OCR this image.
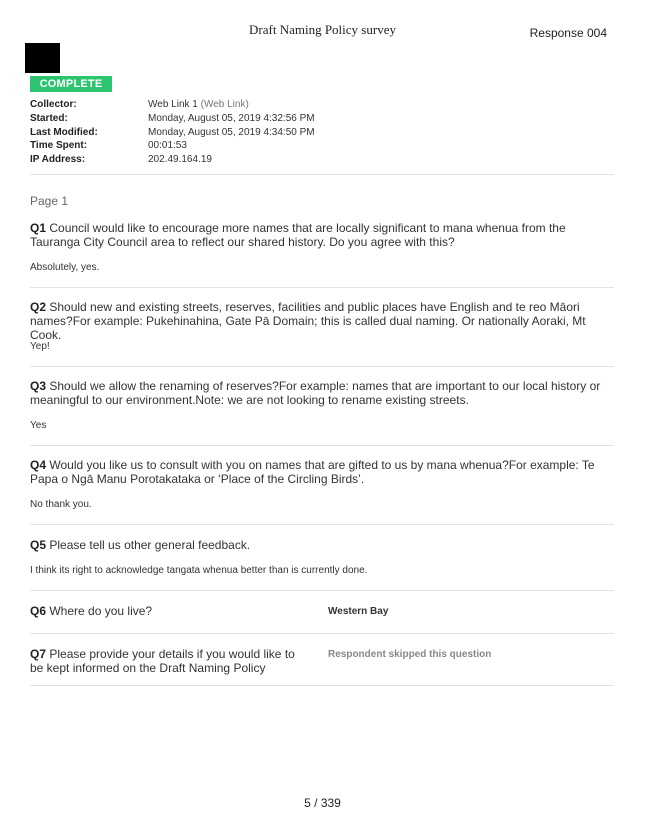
Draft Naming Policy survey	Response 004
COMPLETE
Collector:	Web Link 1 (Web Link)
Started:	Monday, August 05, 2019 4:32:56 PM
Last Modified:	Monday, August 05, 2019 4:34:50 PM
Time Spent:	00:01:53
IP Address:	202.49.164.19
Page 1
Q1 Council would like to encourage more names that are locally significant to mana whenua from the Tauranga City Council area to reflect our shared history. Do you agree with this?
Absolutely, yes.
Q2 Should new and existing streets, reserves, facilities and public places have English and te reo Māori names?For example: Pukehinahina, Gate Pā Domain; this is called dual naming. Or nationally Aoraki, Mt Cook.
Yep!
Q3 Should we allow the renaming of reserves?For example: names that are important to our local history or meaningful to our environment.Note: we are not looking to rename existing streets.
Yes
Q4 Would you like us to consult with you on names that are gifted to us by mana whenua?For example: Te Papa o Ngā Manu Porotakataka or ‘Place of the Circling Birds’.
No thank you.
Q5 Please tell us other general feedback.
I think its right to acknowledge tangata whenua better than is currently done.
Q6 Where do you live?	Western Bay
Q7 Please provide your details if you would like to be kept informed on the Draft Naming Policy
Respondent skipped this question
5 / 339
